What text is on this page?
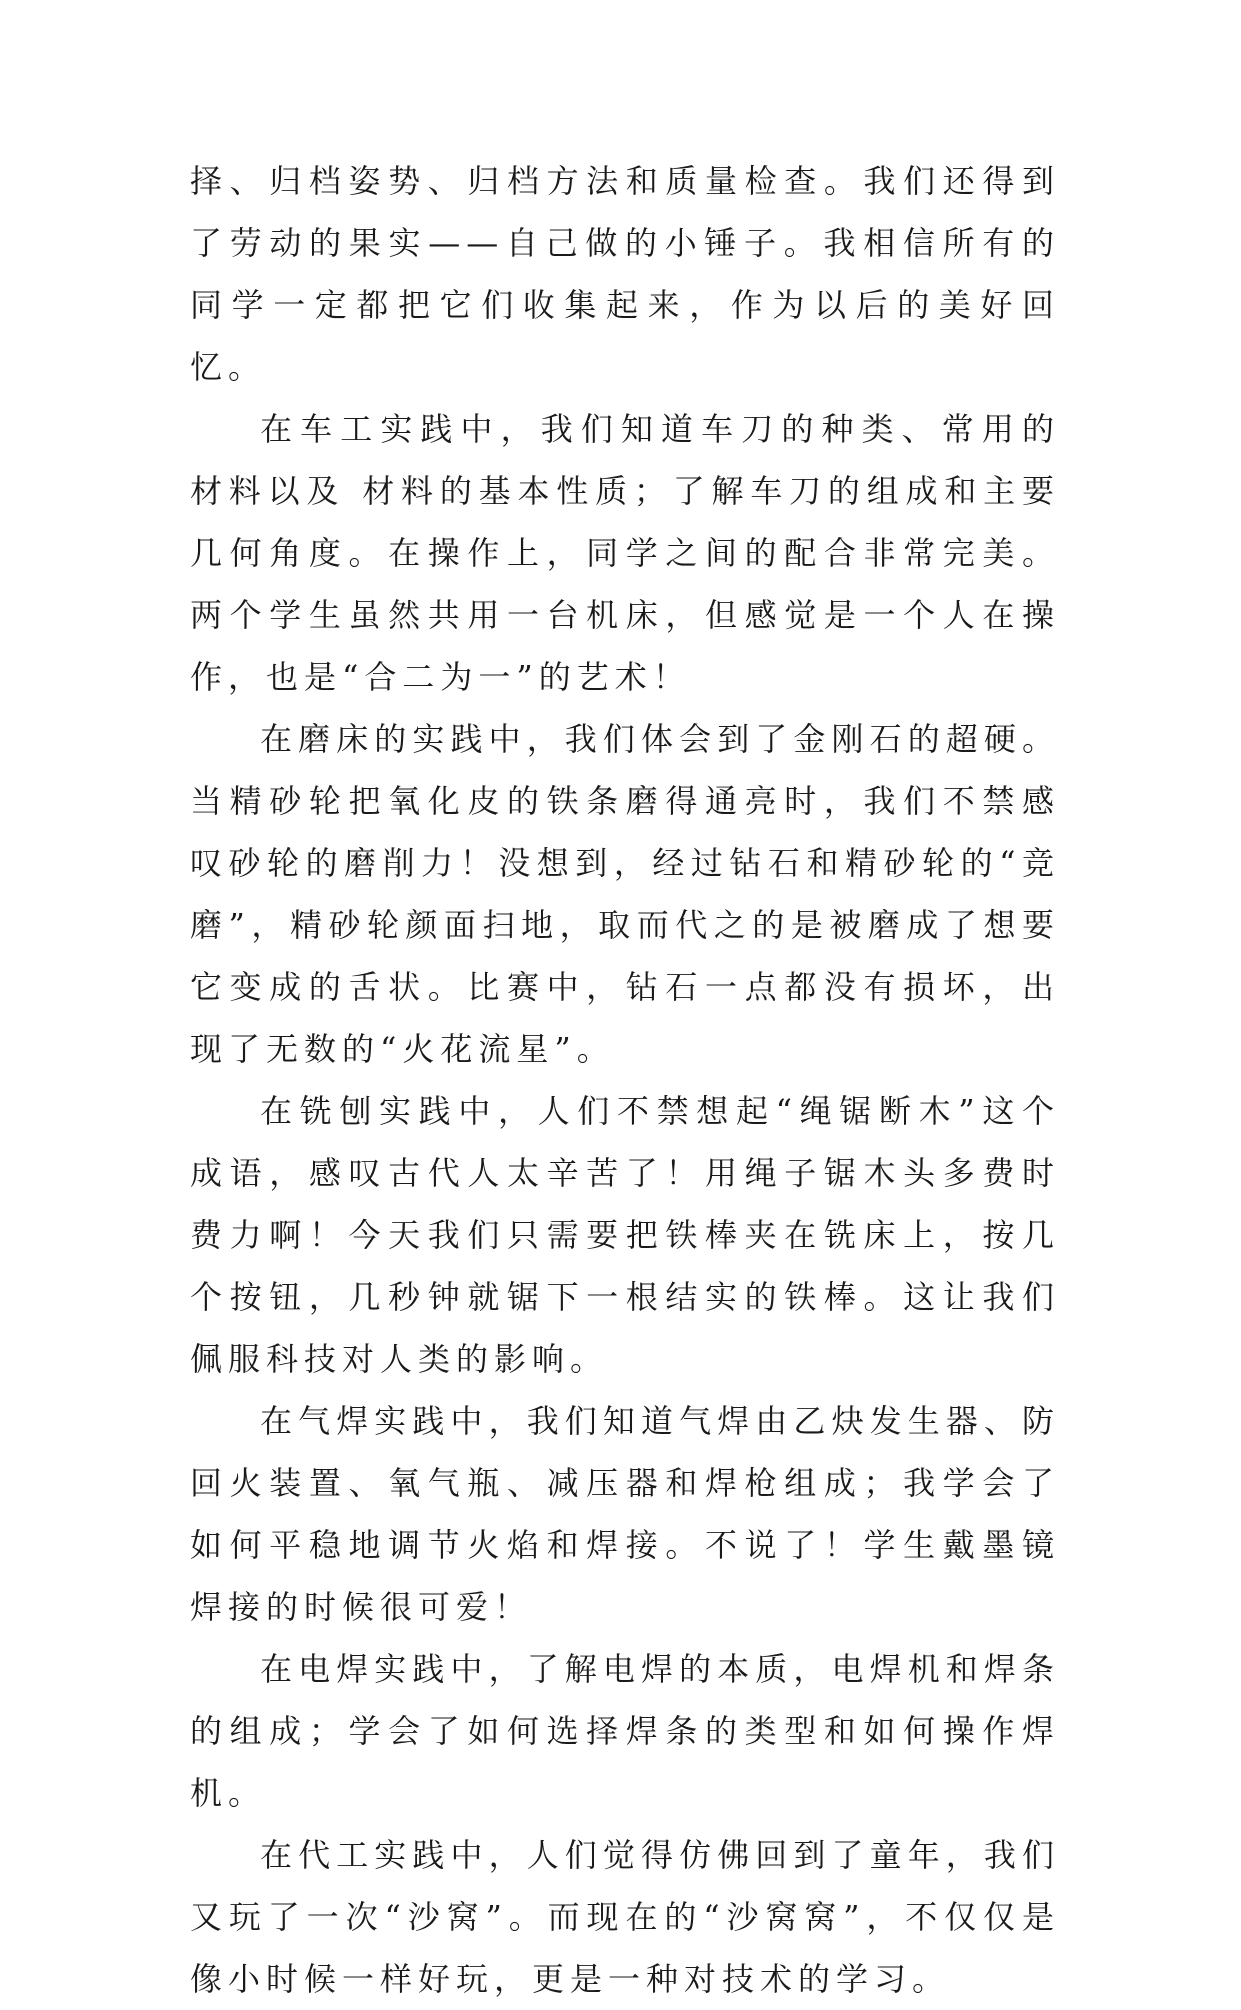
择、归档姿势、归档方法和质量检查。我们还得到了劳动的果实——自己做的小锤子。我相信所有的同学一定都把它们收集起来，作为以后的美好回忆。

在车工实践中，我们知道车刀的种类、常用的 材料以及 材料的基本性质；了解车刀的组成和主要几何角度。在操作上，同学之间的配合非常完美。两个学生虽然共用一台机床，但感觉是一个人在操作，也是“合二为一”的艺术！

在磨床的实践中，我们体会到了金刚石的超硬。当精砂轮把氧化皮的铁条磨得通亮时，我们不禁感叹砂轮的磨削力！没想到，经过钻石和精砂轮的“竞磨”，精砂轮颜面扫地，取而代之的是被磨成了想要它变成的舌状。比赛中，钻石一点都没有损坏，出现了无数的“火花流星”。

在铣刨实践中，人们不禁想起“绳锯断木”这个成语，感叹古代人太辛苦了！用绳子锯木头多费时费力啊！今天我们只需要把铁棒夹在铣床上，按几个按钮，几秒钟就锯下一根结实的铁棒。这让我们佩服科技对人类的影响。

在气焊实践中，我们知道气焊由乙炔发生器、防回火装置、氧气瓶、减压器和焊枪组成；我学会了如何平稳地调节火焰和焊接。不说了！学生戴墨镜焊接的时候很可爱！

在电焊实践中，了解电焊的本质，电焊机和焊条的组成；学会了如何选择焊条的类型和如何操作焊机。

在代工实践中，人们觉得仿佛回到了童年，我们又玩了一次“沙窝”。而现在的“沙窝窝”，不仅仅是像小时候一样好玩，更是一种对技术的学习。
